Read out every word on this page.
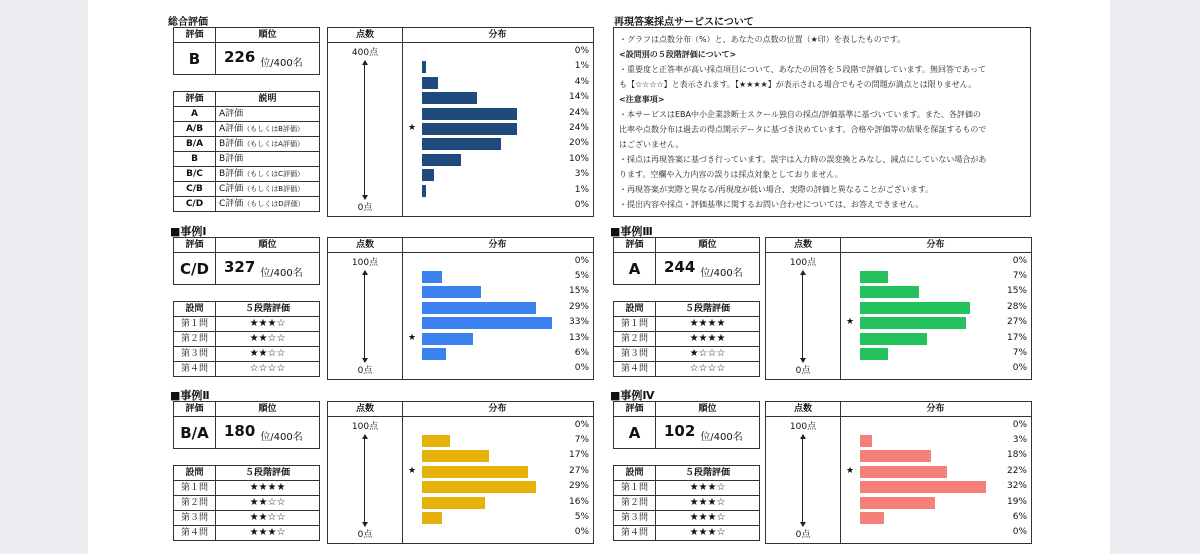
総合評価
評価	順位
B	226 $_{位/400名}$
評価	説明
A	A評価
A/B	A評価（もしくはB評価）
B/A	B評価（もしくはA評価）
B	B評価
B/C	B評価（もしくはC評価）
C/B	C評価（もしくはB評価）
C/D	C評価（もしくはD評価）
点数	分布
400点
0点
0%
1%
4%
14%
24%
24%
★
20%
10%
3%
1%
0%
再現答案採点サービスについて

・グラフは点数分布（%）と、あなたの点数の位置（★印）を表したものです。

<設問別の５段階評価について>

・重要度と正答率が高い採点項目について、あなたの回答を５段階で評価しています。無回答であって

も【☆☆☆☆】と表示されます。【★★★★】が表示される場合でもその問題が満点とは限りません。

<注意事項>

・本サービスはEBA中小企業診断士スクール独自の採点/評価基準に基づいています。また、各評価の

比率や点数分布は過去の得点開示データに基づき決めています。合格や評価等の結果を保証するもので

はございません。

・採点は再現答案に基づき行っています。誤字は入力時の誤変換とみなし、減点にしていない場合があ

ります。空欄や入力内容の誤りは採点対象としておりません。

・再現答案が実際と異なる/再現度が低い場合、実際の評価と異なることがございます。

・提出内容や採点・評価基準に関するお問い合わせについては、お答えできません。

■事例Ⅰ
評価	順位
C/D	327 $_{位/400名}$
設問	５段階評価
第１問	★★★☆
第２問	★★☆☆
第３問	★★☆☆
第４問	☆☆☆☆
点数	分布
100点
0点
0%
5%
15%
29%
33%
13%
★
6%
0%
■事例Ⅱ
評価	順位
B/A	180 $_{位/400名}$
設問	５段階評価
第１問	★★★★
第２問	★★☆☆
第３問	★★☆☆
第４問	★★★☆
点数	分布
100点
0点
0%
7%
17%
27%
★
29%
16%
5%
0%
■事例Ⅲ
評価	順位
A	244 $_{位/400名}$
設問	５段階評価
第１問	★★★★
第２問	★★★★
第３問	★☆☆☆
第４問	☆☆☆☆
点数	分布
100点
0点
0%
7%
15%
28%
27%
★
17%
7%
0%
■事例Ⅳ
評価	順位
A	102 $_{位/400名}$
設問	５段階評価
第１問	★★★☆
第２問	★★★☆
第３問	★★★☆
第４問	★★★☆
点数	分布
100点
0点
0%
3%
18%
22%
★
32%
19%
6%
0%
